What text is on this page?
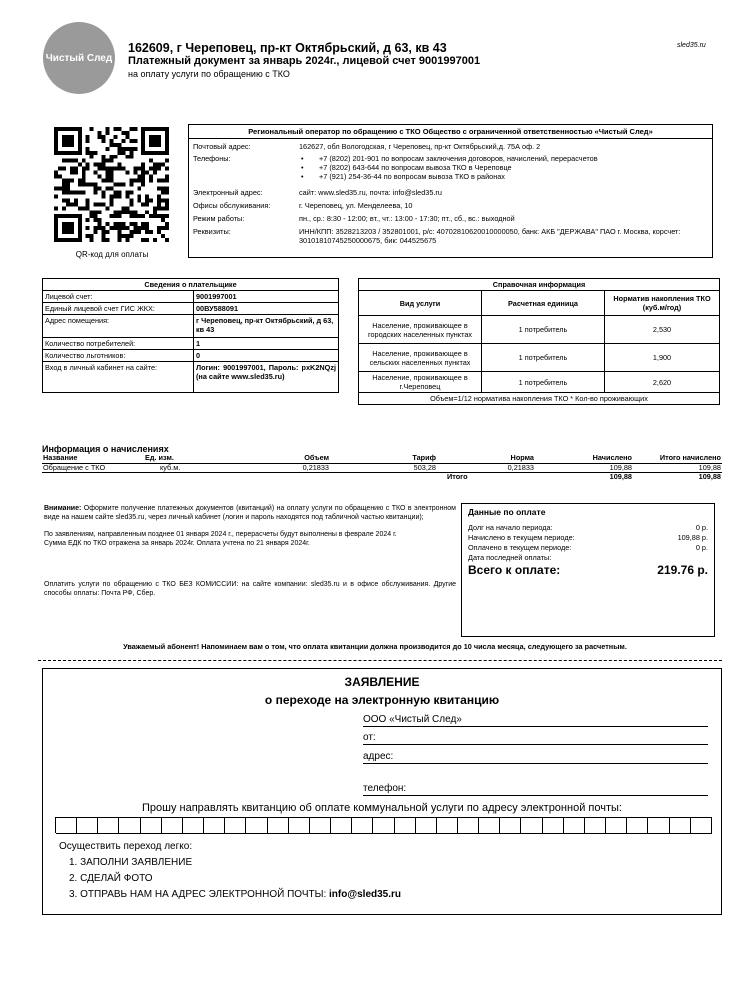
Чистый След
162609, г Череповец, пр-кт Октябрьский, д 63, кв 43
Платежный документ за январь 2024г., лицевой счет 9001997001
на оплату услуги по обращению с ТКО
sled35.ru
QR-код для оплаты
Региональный оператор по обращению с ТКО Общество с ограниченной ответственностью «Чистый След»
Почтовый адрес:	162627, обл Вологодская, г Череповец, пр-кт Октябрьский,д. 75А оф. 2
Телефоны:	• +7 (8202) 201-901 по вопросам заключения договоров, начислений, перерасчетов
• +7 (8202) 643-644 по вопросам вывоза ТКО в Череповце
• +7 (921) 254-36-44 по вопросам вывоза ТКО в районах
Электронный адрес:	сайт: www.sled35.ru, почта: info@sled35.ru
Офисы обслуживания:	г. Череповец, ул. Менделеева, 10
Режим работы:	пн., ср.: 8:30 - 12:00; вт., чт.: 13:00 - 17:30; пт., сб., вс.: выходной
Реквизиты:	ИНН/КПП: 3528213203 / 352801001, р/с: 40702810620010000050, банк: АКБ "ДЕРЖАВА" ПАО г. Москва, корсчет: 30101810745250000675, бик: 044525675
Сведения о плательщике	
Лицевой счет:	9001997001
Единый лицевой счет ГИС ЖКХ:	00ВУ588091
Адрес помещения:	г Череповец, пр-кт Октябрьский, д 63, кв 43
Количество потребителей:	1
Количество льготников:	0
Вход в личный кабинет на сайте:	Логин: 9001997001, Пароль: pxK2NQzj (на сайте www.sled35.ru)
Справочная информация		
Вид услуги	Расчетная единица	Норматив накопления ТКО (куб.м/год)
Население, проживающее в городских населенных пунктах	1 потребитель	2,530
Население, проживающее в сельских населенных пунктах	1 потребитель	1,900
Население, проживающее в г.Череповец	1 потребитель	2,620
Объем=1/12 норматива накопления ТКО * Кол-во проживающих		
Информация о начислениях
Название	Ед. изм.	Объем	Тариф	Норма	Начислено	Итого начислено
Обращение с ТКО	куб.м.	0,21833	503,28	0,21833	109,88	109,88
				Итого	109,88	109,88

Внимание: Оформите получение платежных документов (квитанций) на оплату услуги по обращению с ТКО в электронном виде на нашем сайте sled35.ru, через личный кабинет (логин и пароль находятся под табличной частью квитанции);

По заявлениям, направленным позднее 01 января 2024 г., перерасчеты будут выполнены в феврале 2024 г.

Сумма ЕДК по ТКО отражена за январь 2024г. Оплата учтена по 21 января 2024г.

Оплатить услуги по обращению с ТКО БЕЗ КОМИССИИ: на сайте компании: sled35.ru и в офисе обслуживания. Другие способы оплаты: Почта РФ, Сбер.

Данные по оплате
Долг на начало периода:	0 р.
Начислено в текущем периоде:	109,88 р.
Оплачено в текущем периоде:	0 р.
Дата последней оплаты:
Всего к оплате:	219.76 р.
Уважаемый абонент! Напоминаем вам о том, что оплата квитанции должна производится до 10 числа месяца, следующего за расчетным.
ЗАЯВЛЕНИЕ
о переходе на электронную квитанцию
ООО «Чистый След»
от:
адрес:
телефон:
Прошу направлять квитанцию об оплате коммунальной услуги по адресу электронной почты:
Осуществить переход легко:
1. ЗАПОЛНИ ЗАЯВЛЕНИЕ
2. СДЕЛАЙ ФОТО
3. ОТПРАВЬ НАМ НА АДРЕС ЭЛЕКТРОННОЙ ПОЧТЫ: info@sled35.ru
